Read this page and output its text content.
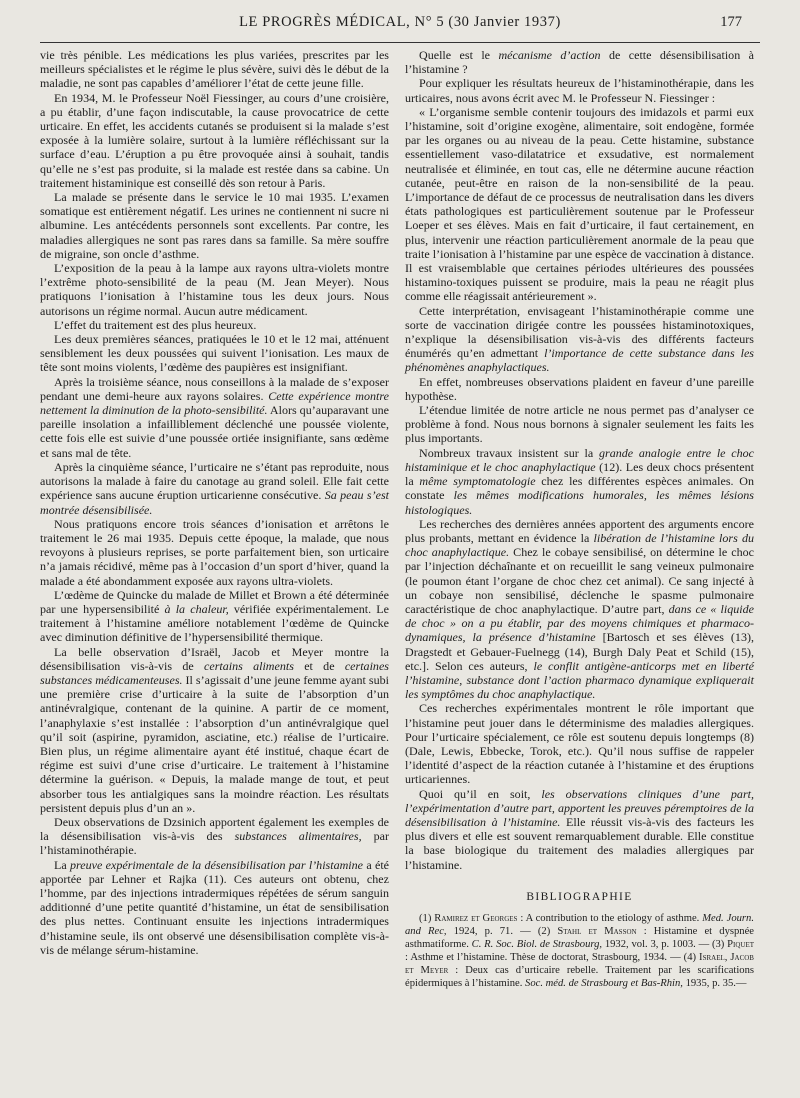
LE PROGRÈS MÉDICAL, N° 5 (30 Janvier 1937)	177

vie très pénible. Les médications les plus variées, prescrites par les meilleurs spécialistes et le régime le plus sévère, suivi dès le début de la maladie, ne sont pas capables d’améliorer l’état de cette jeune fille.

En 1934, M. le Professeur Noël Fiessinger, au cours d’une croisière, a pu établir, d’une façon indiscutable, la cause provocatrice de cette urticaire. En effet, les accidents cutanés se produisent si la malade s’est exposée à la lumière solaire, surtout à la lumière réfléchissant sur la surface d’eau. L’éruption a pu être provoquée ainsi à souhait, tandis qu’elle ne s’est pas produite, si la malade est restée dans sa cabine. Un traitement histaminique est conseillé dès son retour à Paris.

La malade se présente dans le service le 10 mai 1935. L’examen somatique est entièrement négatif. Les urines ne contiennent ni sucre ni albumine. Les antécédents personnels sont excellents. Par contre, les maladies allergiques ne sont pas rares dans sa famille. Sa mère souffre de migraine, son oncle d’asthme.

L’exposition de la peau à la lampe aux rayons ultra-violets montre l’extrême photo-sensibilité de la peau (M. Jean Meyer). Nous pratiquons l’ionisation à l’histamine tous les deux jours. Nous autorisons un régime normal. Aucun autre médicament.

L’effet du traitement est des plus heureux.

Les deux premières séances, pratiquées le 10 et le 12 mai, atténuent sensiblement les deux poussées qui suivent l’ionisation. Les maux de tête sont moins violents, l’œdème des paupières est insignifiant.

Après la troisième séance, nous conseillons à la malade de s’exposer pendant une demi-heure aux rayons solaires. Cette expérience montre nettement la diminution de la photo-sensibilité. Alors qu’auparavant une pareille insolation a infailliblement déclenché une poussée violente, cette fois elle est suivie d’une poussée ortiée insignifiante, sans œdème et sans mal de tête.

Après la cinquième séance, l’urticaire ne s’étant pas reproduite, nous autorisons la malade à faire du canotage au grand soleil. Elle fait cette expérience sans aucune éruption urticarienne consécutive. Sa peau s’est montrée désensibilisée.

Nous pratiquons encore trois séances d’ionisation et arrêtons le traitement le 26 mai 1935. Depuis cette époque, la malade, que nous revoyons à plusieurs reprises, se porte parfaitement bien, son urticaire n’a jamais récidivé, même pas à l’occasion d’un sport d’hiver, quand la malade a été abondamment exposée aux rayons ultra-violets.

L’œdème de Quincke du malade de Millet et Brown a été déterminée par une hypersensibilité à la chaleur, vérifiée expérimentalement. Le traitement à l’histamine améliore notablement l’œdème de Quincke avec diminution définitive de l’hypersensibilité thermique.

La belle observation d’Israël, Jacob et Meyer montre la désensibilisation vis-à-vis de certains aliments et de certaines substances médicamenteuses. Il s’agissait d’une jeune femme ayant subi une première crise d’urticaire à la suite de l’absorption d’un antinévralgique, contenant de la quinine. A partir de ce moment, l’anaphylaxie s’est installée : l’absorption d’un antinévralgique quel qu’il soit (aspirine, pyramidon, asciatine, etc.) réalise de l’urticaire. Bien plus, un régime alimentaire ayant été institué, chaque écart de régime est suivi d’une crise d’urticaire. Le traitement à l’histamine détermine la guérison. « Depuis, la malade mange de tout, et peut absorber tous les antialgiques sans la moindre réaction. Les résultats persistent depuis plus d’un an ».

Deux observations de Dzsinich apportent également les exemples de la désensibilisation vis-à-vis des substances alimentaires, par l’histaminothérapie.

La preuve expérimentale de la désensibilisation par l’histamine a été apportée par Lehner et Rajka (11). Ces auteurs ont obtenu, chez l’homme, par des injections intradermiques répétées de sérum sanguin additionné d’une petite quantité d’histamine, un état de sensibilisation des plus nettes. Continuant ensuite les injections intradermiques d’histamine seule, ils ont observé une désensibilisation complète vis-à-vis de mélange sérum-histamine.

Quelle est le mécanisme d’action de cette désensibilisation à l’histamine ?

Pour expliquer les résultats heureux de l’histaminothérapie, dans les urticaires, nous avons écrit avec M. le Professeur N. Fiessinger :

« L’organisme semble contenir toujours des imidazols et parmi eux l’histamine, soit d’origine exogène, alimentaire, soit endogène, formée par les organes ou au niveau de la peau. Cette histamine, substance essentiellement vaso-dilatatrice et exsudative, est normalement neutralisée et éliminée, en tout cas, elle ne détermine aucune réaction cutanée, peut-être en raison de la non-sensibilité de la peau. L’importance de défaut de ce processus de neutralisation dans les divers états pathologiques est particulièrement soutenue par le Professeur Loeper et ses élèves. Mais en fait d’urticaire, il faut certainement, en plus, intervenir une réaction particulièrement anormale de la peau que traite l’ionisation à l’histamine par une espèce de vaccination à distance. Il est vraisemblable que certaines périodes ultérieures des poussées histamino-toxiques puissent se produire, mais la peau ne réagit plus comme elle réagissait antérieurement ».

Cette interprétation, envisageant l’histaminothérapie comme une sorte de vaccination dirigée contre les poussées histaminotoxiques, n’explique la désensibilisation vis-à-vis des différents facteurs énumérés qu’en admettant l’importance de cette substance dans les phénomènes anaphylactiques.

En effet, nombreuses observations plaident en faveur d’une pareille hypothèse.

L’étendue limitée de notre article ne nous permet pas d’analyser ce problème à fond. Nous nous bornons à signaler seulement les faits les plus importants.

Nombreux travaux insistent sur la grande analogie entre le choc histaminique et le choc anaphylactique (12). Les deux chocs présentent la même symptomatologie chez les différentes espèces animales. On constate les mêmes modifications humorales, les mêmes lésions histologiques.

Les recherches des dernières années apportent des arguments encore plus probants, mettant en évidence la libération de l’histamine lors du choc anaphylactique. Chez le cobaye sensibilisé, on détermine le choc par l’injection déchaînante et on recueillit le sang veineux pulmonaire (le poumon étant l’organe de choc chez cet animal). Ce sang injecté à un cobaye non sensibilisé, déclenche le spasme pulmonaire caractéristique de choc anaphylactique. D’autre part, dans ce « liquide de choc » on a pu établir, par des moyens chimiques et pharmaco-dynamiques, la présence d’histamine [Bartosch et ses élèves (13), Dragstedt et Gebauer-Fuelnegg (14), Burgh Daly Peat et Schild (15), etc.]. Selon ces auteurs, le conflit antigène-anticorps met en liberté l’histamine, substance dont l’action pharmaco dynamique expliquerait les symptômes du choc anaphylactique.

Ces recherches expérimentales montrent le rôle important que l’histamine peut jouer dans le déterminisme des maladies allergiques. Pour l’urticaire spécialement, ce rôle est soutenu depuis longtemps (8) (Dale, Lewis, Ebbecke, Torok, etc.). Qu’il nous suffise de rappeler l’identité d’aspect de la réaction cutanée à l’histamine et des éruptions urticariennes.

Quoi qu’il en soit, les observations cliniques d’une part, l’expérimentation d’autre part, apportent les preuves péremptoires de la désensibilisation à l’histamine. Elle réussit vis-à-vis des facteurs les plus divers et elle est souvent remarquablement durable. Elle constitue la base biologique du traitement des maladies allergiques par l’histamine.

BIBLIOGRAPHIE

(1) Ramirez et Georges : A contribution to the etiology of asthme. Med. Journ. and Rec, 1924, p. 71. — (2) Stahl et Masson : Histamine et dyspnée asthmatiforme. C. R. Soc. Biol. de Strasbourg, 1932, vol. 3, p. 1003. — (3) Piquet : Asthme et l’histamine. Thèse de doctorat, Strasbourg, 1934. — (4) Israel, Jacob et Meyer : Deux cas d’urticaire rebelle. Traitement par les scarifications épidermiques à l’histamine. Soc. méd. de Strasbourg et Bas-Rhin, 1935, p. 35.—
